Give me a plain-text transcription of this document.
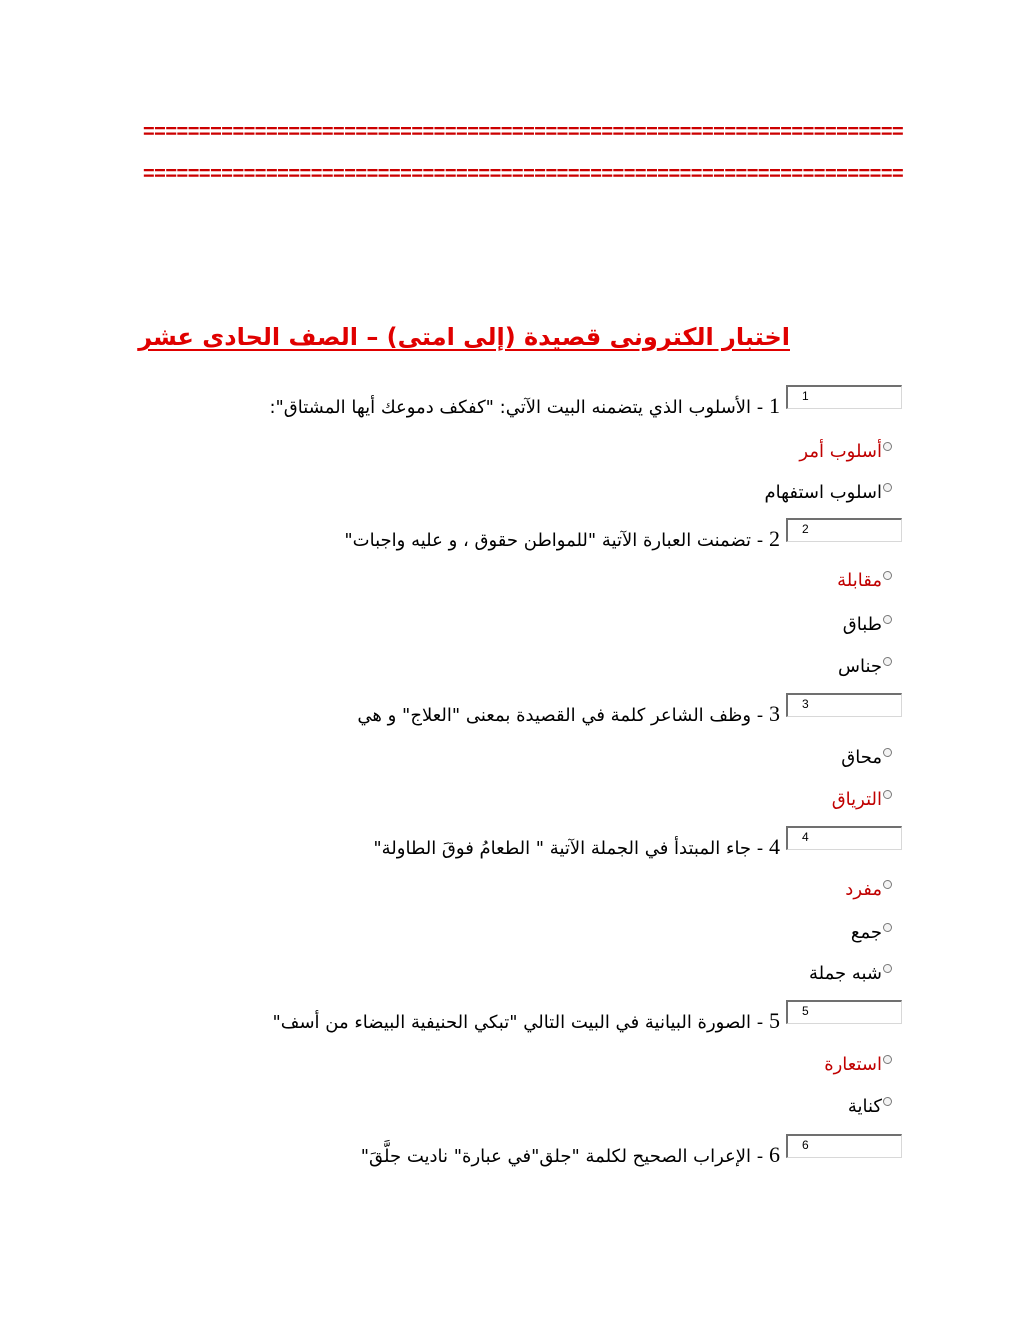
====================================================================
====================================================================
اختبار الكترونى قصيدة (إلى امتى) – الصف الحادى عشر
1 - الأسلوب الذي يتضمنه البيت الآتي: "كفكف دموعك أيها المشتاق":
1
أسلوب أمر
اسلوب استفهام
2 - تضمنت العبارة الآتية "للمواطن حقوق ، و عليه واجبات"
2
مقابلة
طباق
جناس
3 - وظف الشاعر كلمة في القصيدة بمعنى "العلاج" و هي
3
محاق
الترياق
4 - جاء المبتدأ في الجملة الآتية " الطعامُ فوقَ الطاولة"
4
مفرد
جمع
شبه جملة
5 - الصورة البيانية في البيت التالي "تبكي الحنيفية البيضاء من أسف"
5
استعارة
كناية
6 - الإعراب الصحيح لكلمة "جلق"في عبارة" ناديت جلَّقَ"
6
